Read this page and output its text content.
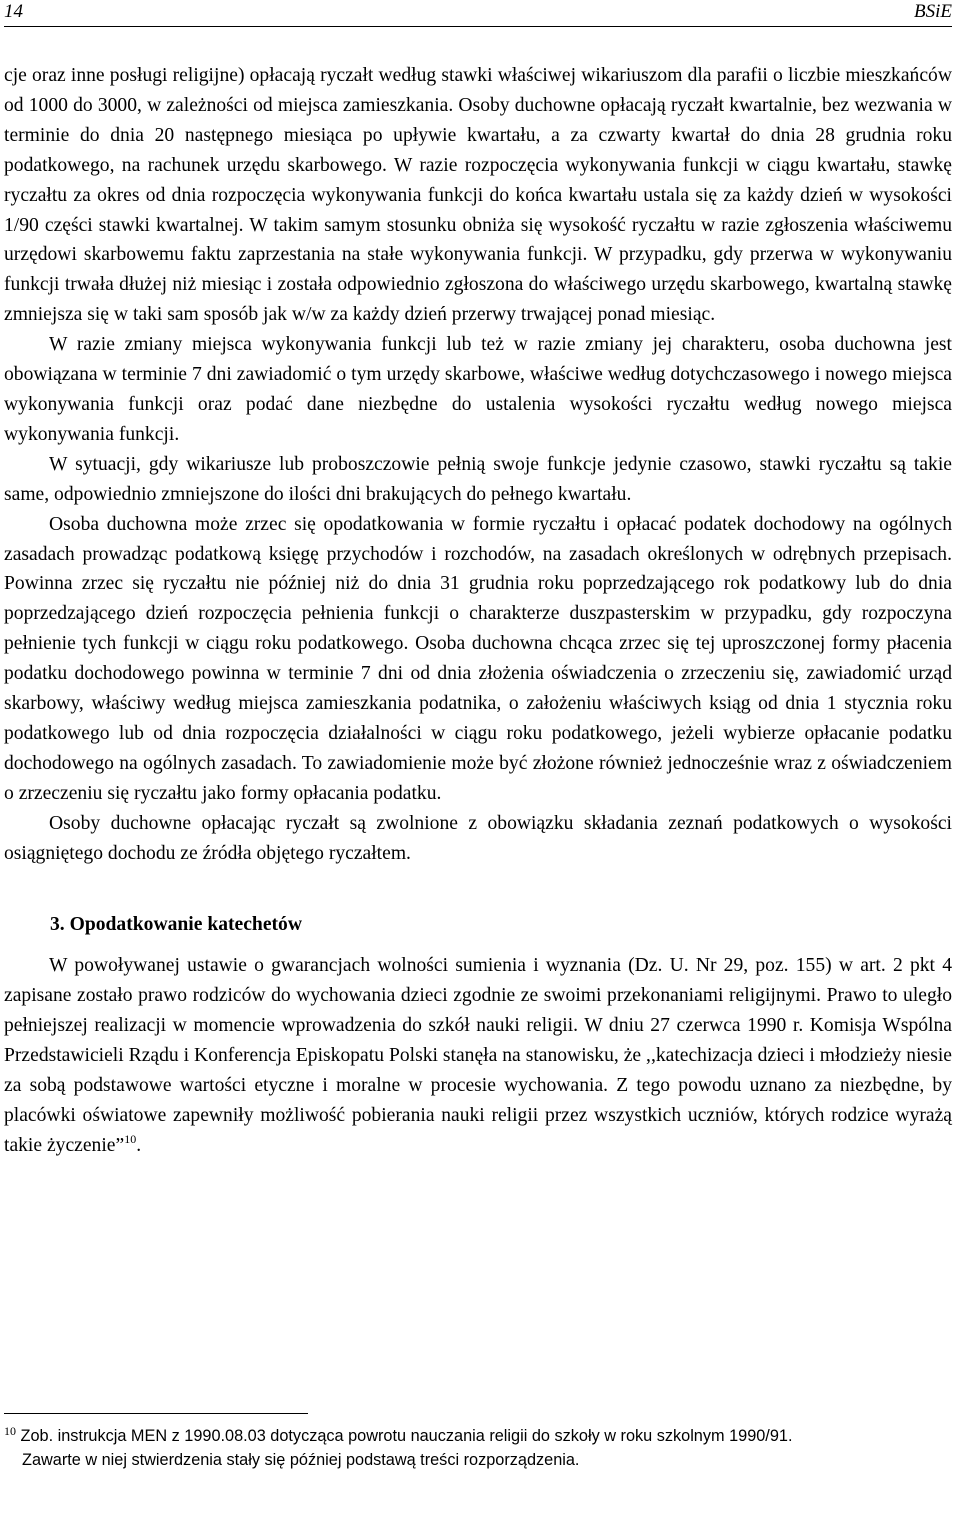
14	BSiE

cje oraz inne posługi religijne) opłacają ryczałt według stawki właściwej wikariuszom dla parafii o liczbie mieszkańców od 1000 do 3000, w zależności od miejsca zamieszkania. Osoby duchowne opłacają ryczałt kwartalnie, bez wezwania w terminie do dnia 20 następnego miesiąca po upływie kwartału, a za czwarty kwartał do dnia 28 grudnia roku podatkowego, na rachunek urzędu skarbowego. W razie rozpoczęcia wykonywania funkcji w ciągu kwartału, stawkę ryczałtu za okres od dnia rozpoczęcia wykonywania funkcji do końca kwartału ustala się za każdy dzień w wysokości 1/90 części stawki kwartalnej. W takim samym stosunku obniża się wysokość ryczałtu w razie zgłoszenia właściwemu urzędowi skarbowemu faktu zaprzestania na stałe wykonywania funkcji. W przypadku, gdy przerwa w wykonywaniu funkcji trwała dłużej niż miesiąc i została odpowiednio zgłoszona do właściwego urzędu skarbowego, kwartalną stawkę zmniejsza się w taki sam sposób jak w/w za każdy dzień przerwy trwającej ponad miesiąc.

W razie zmiany miejsca wykonywania funkcji lub też w razie zmiany jej charakteru, osoba duchowna jest obowiązana w terminie 7 dni zawiadomić o tym urzędy skarbowe, właściwe według dotychczasowego i nowego miejsca wykonywania funkcji oraz podać dane niezbędne do ustalenia wysokości ryczałtu według nowego miejsca wykonywania funkcji.

W sytuacji, gdy wikariusze lub proboszczowie pełnią swoje funkcje jedynie czasowo, stawki ryczałtu są takie same, odpowiednio zmniejszone do ilości dni brakujących do pełnego kwartału.

Osoba duchowna może zrzec się opodatkowania w formie ryczałtu i opłacać podatek dochodowy na ogólnych zasadach prowadząc podatkową księgę przychodów i rozchodów, na zasadach określonych w odrębnych przepisach. Powinna zrzec się ryczałtu nie później niż do dnia 31 grudnia roku poprzedzającego rok podatkowy lub do dnia poprzedzającego dzień rozpoczęcia pełnienia funkcji o charakterze duszpasterskim w przypadku, gdy rozpoczyna pełnienie tych funkcji w ciągu roku podatkowego. Osoba duchowna chcąca zrzec się tej uproszczonej formy płacenia podatku dochodowego powinna w terminie 7 dni od dnia złożenia oświadczenia o zrzeczeniu się, zawiadomić urząd skarbowy, właściwy według miejsca zamieszkania podatnika, o założeniu właściwych ksiąg od dnia 1 stycznia roku podatkowego lub od dnia rozpoczęcia działalności w ciągu roku podatkowego, jeżeli wybierze opłacanie podatku dochodowego na ogólnych zasadach. To zawiadomienie może być złożone również jednocześnie wraz z oświadczeniem o zrzeczeniu się ryczałtu jako formy opłacania podatku.

Osoby duchowne opłacając ryczałt są zwolnione z obowiązku składania zeznań podatkowych o wysokości osiągniętego dochodu ze źródła objętego ryczałtem.

3. Opodatkowanie katechetów

W powoływanej ustawie o gwarancjach wolności sumienia i wyznania (Dz. U. Nr 29, poz. 155) w art. 2 pkt 4 zapisane zostało prawo rodziców do wychowania dzieci zgodnie ze swoimi przekonaniami religijnymi. Prawo to uległo pełniejszej realizacji w momencie wprowadzenia do szkół nauki religii. W dniu 27 czerwca 1990 r. Komisja Wspólna Przedstawicieli Rządu i Konferencja Episkopatu Polski stanęła na stanowisku, że ,,katechizacja dzieci i młodzieży niesie za sobą podstawowe wartości etyczne i moralne w procesie wychowania. Z tego powodu uznano za niezbędne, by placówki oświatowe zapewniły możliwość pobierania nauki religii przez wszystkich uczniów, których rodzice wyrażą takie życzenie”$^{10}$.

$^{10}$ Zob. instrukcja MEN z 1990.08.03 dotycząca powrotu nauczania religii do szkoły w roku szkolnym 1990/91.
Zawarte w niej stwierdzenia stały się później podstawą treści rozporządzenia.
